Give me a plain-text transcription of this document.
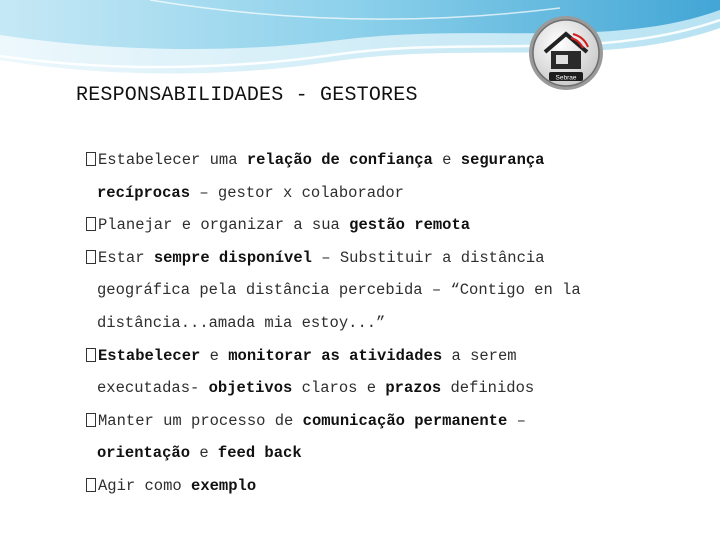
Sebrae
RESPONSABILIDADES - GESTORES
Estabelecer uma relação de confiança e segurança
recíprocas – gestor x colaborador
Planejar e organizar a sua gestão remota
Estar sempre disponível – Substituir a distância
geográfica pela distância percebida – “Contigo en la
distância...amada mia estoy...”
Estabelecer e monitorar as atividades a serem
executadas- objetivos claros e prazos definidos
Manter um processo de comunicação permanente –
orientação e feed back
Agir como exemplo
